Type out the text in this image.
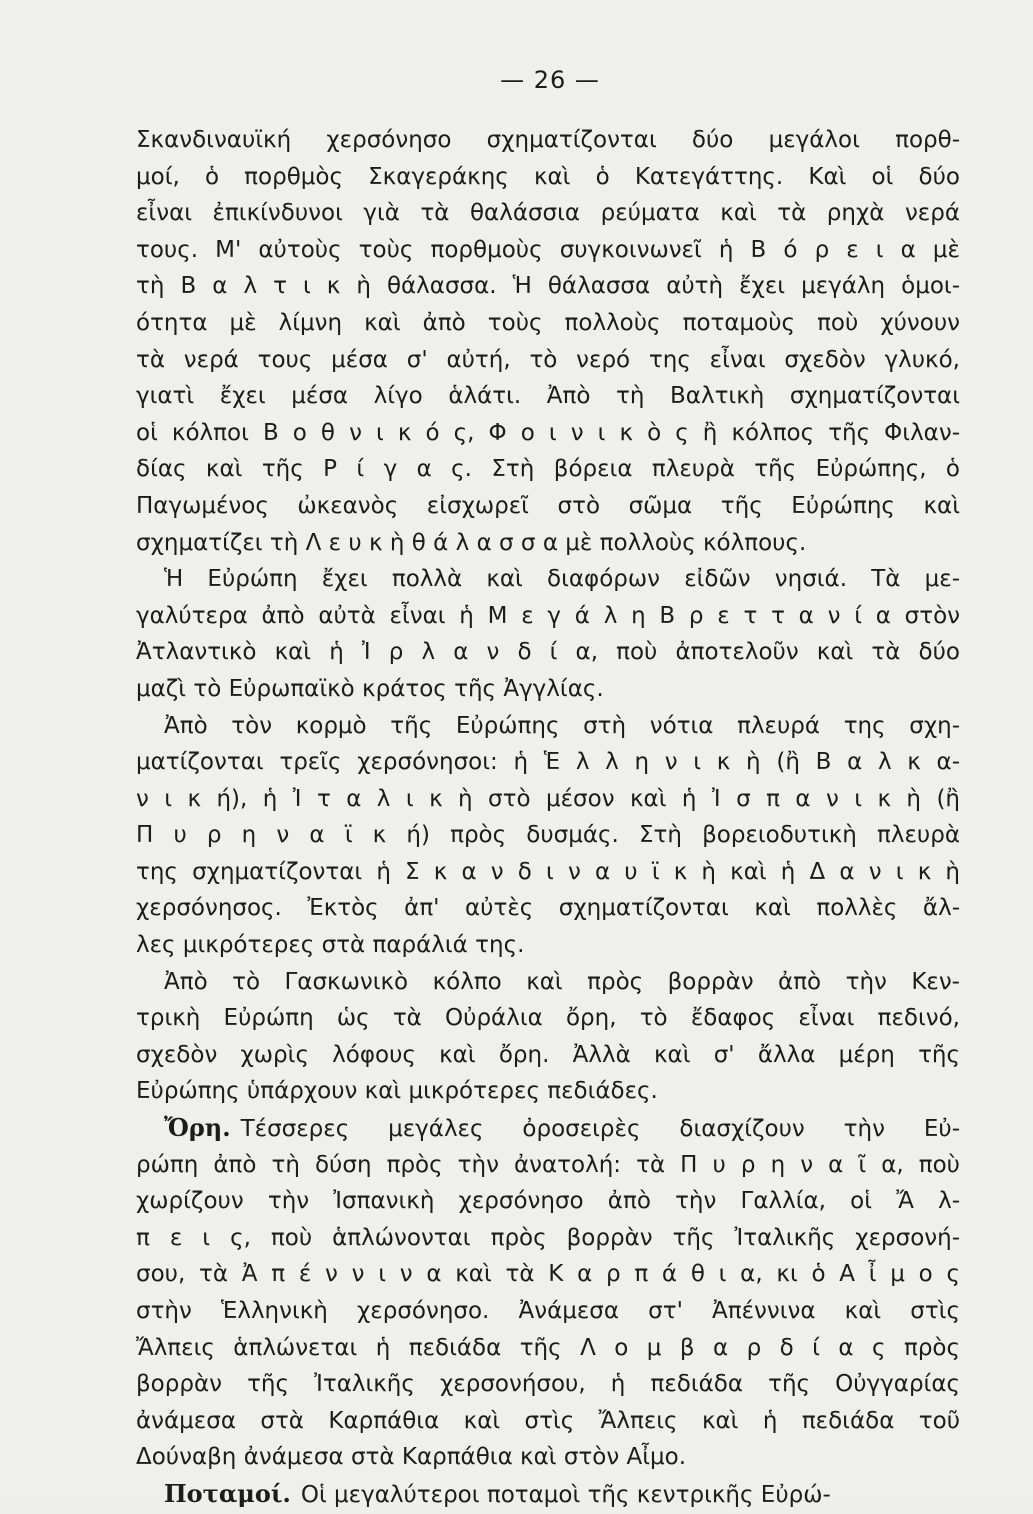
— 26 —
Σκανδιναυϊκή χερσόνησο σχηματίζονται δύο μεγάλοι πορθ-
μοί, ὁ πορθμὸς Σκαγεράκης καὶ ὁ Κατεγάττης. Καὶ οἱ δύο
εἶναι ἐπικίνδυνοι γιὰ τὰ θαλάσσια ρεύματα καὶ τὰ ρηχὰ νερά
τους. Μ' αὐτοὺς τοὺς πορθμοὺς συγκοινωνεῖ ἡ Β ό ρ ε ι α μὲ
τὴ Β α λ τ ι κ ὴ θάλασσα. Ἡ θάλασσα αὐτὴ ἔχει μεγάλη ὁμοι-
ότητα μὲ λίμνη καὶ ἀπὸ τοὺς πολλοὺς ποταμοὺς ποὺ χύνουν
τὰ νερά τους μέσα σ' αὐτή, τὸ νερό της εἶναι σχεδὸν γλυκό,
γιατὶ ἔχει μέσα λίγο ἁλάτι. Ἀπὸ τὴ Βαλτικὴ σχηματίζονται
οἱ κόλποι Β ο θ ν ι κ ό ς, Φ ο ι ν ι κ ὸ ς ἢ κόλπος τῆς Φιλαν-
δίας καὶ τῆς Ρ ί γ α ς. Στὴ βόρεια πλευρὰ τῆς Εὐρώπης, ὁ
Παγωμένος ὠκεανὸς εἰσχωρεῖ στὸ σῶμα τῆς Εὐρώπης καὶ
σχηματίζει τὴ Λ ε υ κ ὴ θ ά λ α σ σ α μὲ πολλοὺς κόλπους.
Ἡ Εὐρώπη ἔχει πολλὰ καὶ διαφόρων εἰδῶν νησιά. Τὰ με-
γαλύτερα ἀπὸ αὐτὰ εἶναι ἡ Μ ε γ ά λ η Β ρ ε τ τ α ν ί α στὸν
Ἀτλαντικὸ καὶ ἡ Ἰ ρ λ α ν δ ί α, ποὺ ἀποτελοῦν καὶ τὰ δύο
μαζὶ τὸ Εὐρωπαϊκὸ κράτος τῆς Ἀγγλίας.
Ἀπὸ τὸν κορμὸ τῆς Εὐρώπης στὴ νότια πλευρά της σχη-
ματίζονται τρεῖς χερσόνησοι: ἡ Ἑ λ λ η ν ι κ ὴ (ἢ Β α λ κ α-
ν ι κ ή), ἡ Ἰ τ α λ ι κ ὴ στὸ μέσον καὶ ἡ Ἰ σ π α ν ι κ ὴ (ἢ
Π υ ρ η ν α ϊ κ ή) πρὸς δυσμάς. Στὴ βορειοδυτικὴ πλευρὰ
της σχηματίζονται ἡ Σ κ α ν δ ι ν α υ ϊ κ ὴ καὶ ἡ Δ α ν ι κ ὴ
χερσόνησος. Ἐκτὸς ἀπ' αὐτὲς σχηματίζονται καὶ πολλὲς ἄλ-
λες μικρότερες στὰ παράλιά της.
Ἀπὸ τὸ Γασκωνικὸ κόλπο καὶ πρὸς βορρὰν ἀπὸ τὴν Κεν-
τρικὴ Εὐρώπη ὡς τὰ Οὐράλια ὄρη, τὸ ἔδαφος εἶναι πεδινό,
σχεδὸν χωρὶς λόφους καὶ ὄρη. Ἀλλὰ καὶ σ' ἄλλα μέρη τῆς
Εὐρώπης ὑπάρχουν καὶ μικρότερες πεδιάδες.
Ὄρη. Τέσσερες μεγάλες ὀροσειρὲς διασχίζουν τὴν Εὐ-
ρώπη ἀπὸ τὴ δύση πρὸς τὴν ἀνατολή: τὰ Π υ ρ η ν α ῖ α, ποὺ
χωρίζουν τὴν Ἰσπανικὴ χερσόνησο ἀπὸ τὴν Γαλλία, οἱ Ἄ λ-
π ε ι ς, ποὺ ἁπλώνονται πρὸς βορρὰν τῆς Ἰταλικῆς χερσονή-
σου, τὰ Ἀ π έ ν ν ι ν α καὶ τὰ Κ α ρ π ά θ ι α, κι ὁ Α ἶ μ ο ς
στὴν Ἑλληνικὴ χερσόνησο. Ἀνάμεσα στ' Ἀπέννινα καὶ στὶς
Ἄλπεις ἁπλώνεται ἡ πεδιάδα τῆς Λ ο μ β α ρ δ ί α ς πρὸς
βορρὰν τῆς Ἰταλικῆς χερσονήσου, ἡ πεδιάδα τῆς Οὐγγαρίας
ἀνάμεσα στὰ Καρπάθια καὶ στὶς Ἄλπεις καὶ ἡ πεδιάδα τοῦ
Δούναβη ἀνάμεσα στὰ Καρπάθια καὶ στὸν Αἶμο.
Ποταμοί. Οἱ μεγαλύτεροι ποταμοὶ τῆς κεντρικῆς Εὐρώ-
